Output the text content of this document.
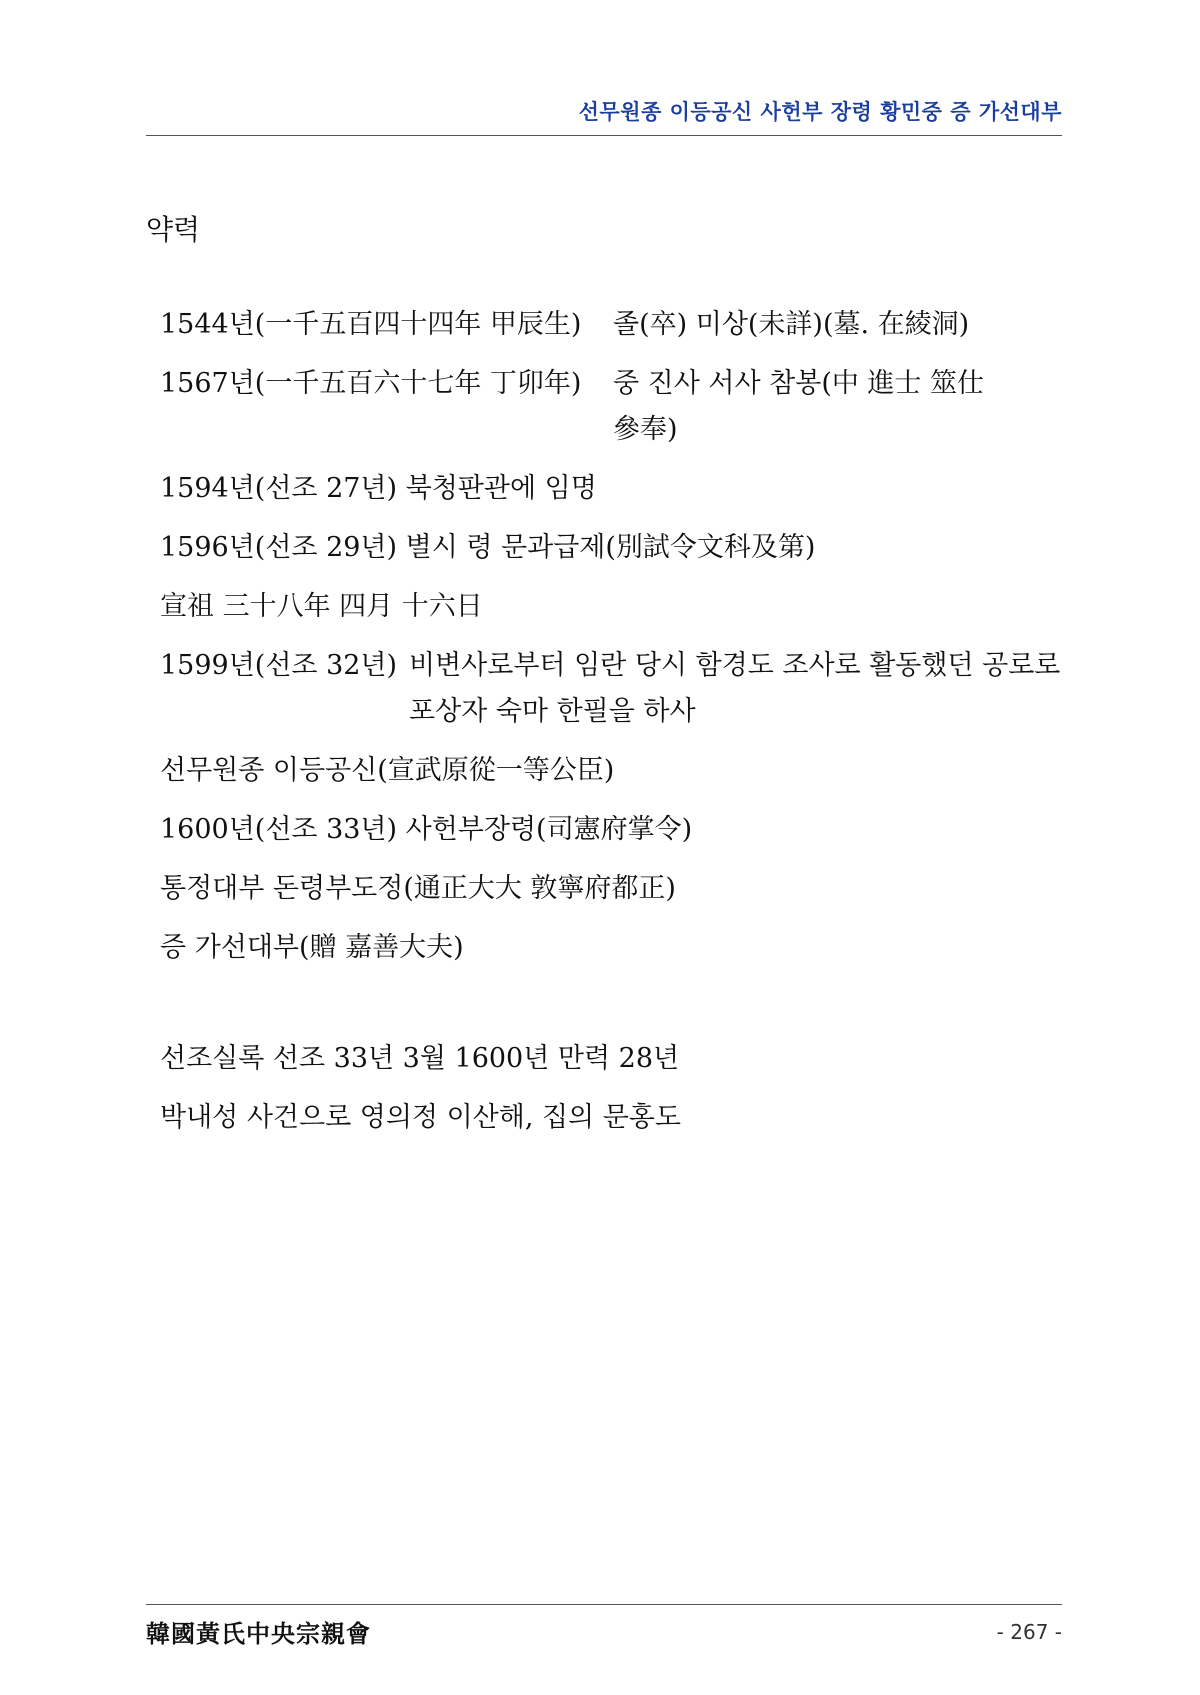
선무원종 이등공신 사헌부 장령 황민중 증 가선대부
약력
1544년(一千五百四十四年 甲辰生)	졸(卒) 미상(未詳)(墓. 在綾洞)
1567년(一千五百六十七年 丁卯年)	중 진사 서사 참봉(中 進士 筮仕 參奉)
1594년(선조 27년) 북청판관에 임명
1596년(선조 29년) 별시 령 문과급제(別試令文科及第)
宣祖 三十八年 四月 十六日
1599년(선조 32년) 비변사로부터 임란 당시 함경도 조사로 활동했던 공로로 포상자 숙마 한필을 하사
선무원종 이등공신(宣武原從一等公臣)
1600년(선조 33년) 사헌부장령(司憲府掌令)
통정대부 돈령부도정(通正大大 敦寧府都正)
증 가선대부(贈 嘉善大夫)
선조실록 선조 33년 3월 1600년 만력 28년
박내성 사건으로 영의정 이산해, 집의 문홍도
韓國黃氏中央宗親會	- 267 -
